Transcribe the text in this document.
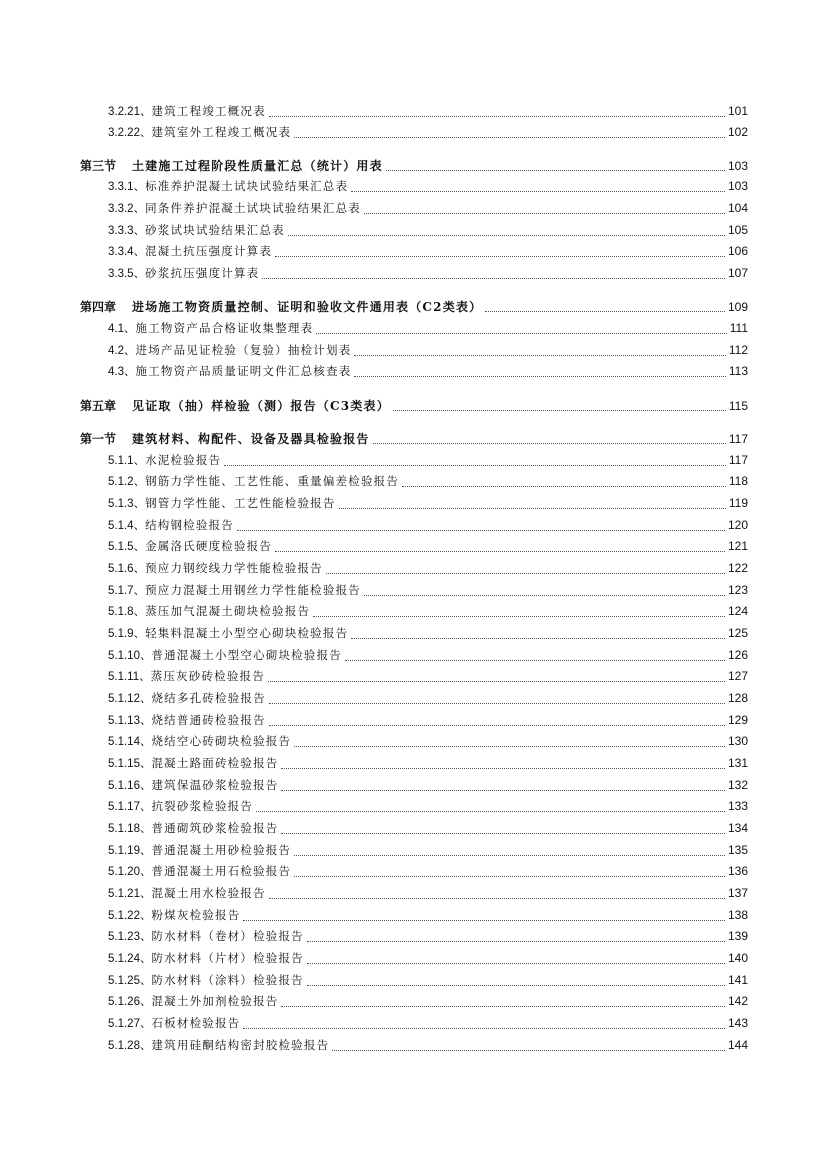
3.2.21、 建筑工程竣工概况表	101
3.2.22、 建筑室外工程竣工概况表	102
第三节 土建施工过程阶段性质量汇总（统计）用表	103
3.3.1、 标准养护混凝土试块试验结果汇总表	103
3.3.2、 同条件养护混凝土试块试验结果汇总表	104
3.3.3、 砂浆试块试验结果汇总表	105
3.3.4、 混凝土抗压强度计算表	106
3.3.5、 砂浆抗压强度计算表	107
第四章 进场施工物资质量控制、证明和验收文件通用表（C2类表）	109
4.1、 施工物资产品合格证收集整理表	111
4.2、 进场产品见证检验（复验）抽检计划表	112
4.3、 施工物资产品质量证明文件汇总核查表	113
第五章 见证取（抽）样检验（测）报告（C3类表）	115
第一节 建筑材料、构配件、设备及器具检验报告	117
5.1.1、 水泥检验报告	117
5.1.2、 钢筋力学性能、工艺性能、重量偏差检验报告	118
5.1.3、 钢管力学性能、工艺性能检验报告	119
5.1.4、 结构钢检验报告	120
5.1.5、 金属洛氏硬度检验报告	121
5.1.6、 预应力钢绞线力学性能检验报告	122
5.1.7、 预应力混凝土用钢丝力学性能检验报告	123
5.1.8、 蒸压加气混凝土砌块检验报告	124
5.1.9、 轻集料混凝土小型空心砌块检验报告	125
5.1.10、 普通混凝土小型空心砌块检验报告	126
5.1.11、 蒸压灰砂砖检验报告	127
5.1.12、 烧结多孔砖检验报告	128
5.1.13、 烧结普通砖检验报告	129
5.1.14、 烧结空心砖砌块检验报告	130
5.1.15、 混凝土路面砖检验报告	131
5.1.16、 建筑保温砂浆检验报告	132
5.1.17、 抗裂砂浆检验报告	133
5.1.18、 普通砌筑砂浆检验报告	134
5.1.19、 普通混凝土用砂检验报告	135
5.1.20、 普通混凝土用石检验报告	136
5.1.21、 混凝土用水检验报告	137
5.1.22、 粉煤灰检验报告	138
5.1.23、 防水材料（卷材）检验报告	139
5.1.24、 防水材料（片材）检验报告	140
5.1.25、 防水材料（涂料）检验报告	141
5.1.26、 混凝土外加剂检验报告	142
5.1.27、 石板材检验报告	143
5.1.28、 建筑用硅酮结构密封胶检验报告	144
